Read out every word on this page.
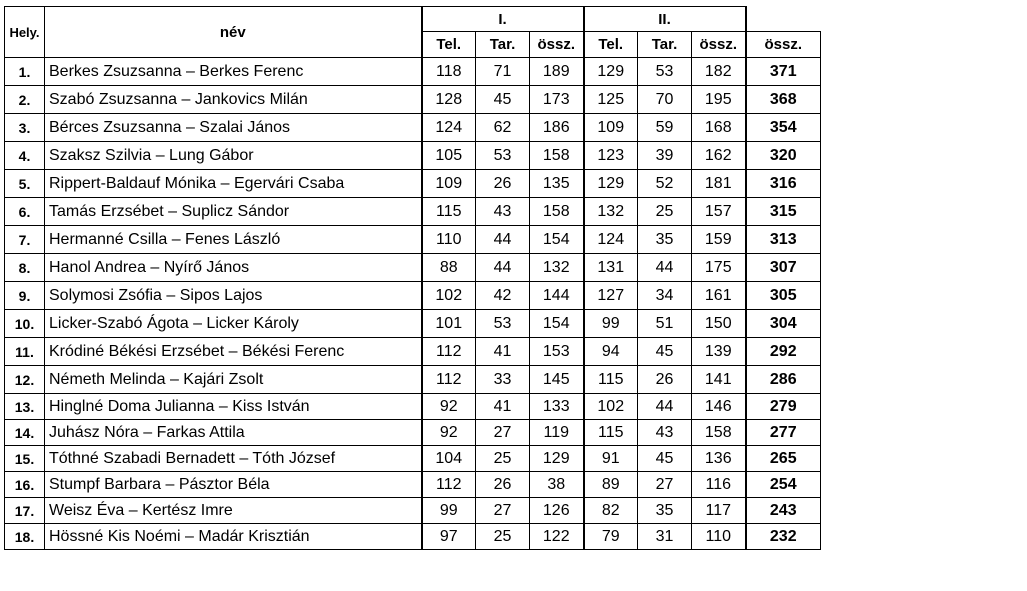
Hely.	név	I.			II.			
		Tel.	Tar.	össz.	Tel.	Tar.	össz.	össz.
1.	Berkes Zsuzsanna – Berkes Ferenc	118	71	189	129	53	182	371
2.	Szabó Zsuzsanna – Jankovics Milán	128	45	173	125	70	195	368
3.	Bérces Zsuzsanna – Szalai János	124	62	186	109	59	168	354
4.	Szaksz Szilvia – Lung Gábor	105	53	158	123	39	162	320
5.	Rippert-Baldauf Mónika – Egervári Csaba	109	26	135	129	52	181	316
6.	Tamás Erzsébet – Suplicz Sándor	115	43	158	132	25	157	315
7.	Hermanné Csilla – Fenes László	110	44	154	124	35	159	313
8.	Hanol Andrea – Nyírő János	88	44	132	131	44	175	307
9.	Solymosi Zsófia – Sipos Lajos	102	42	144	127	34	161	305
10.	Licker-Szabó Ágota – Licker Károly	101	53	154	99	51	150	304
11.	Kródiné Békési Erzsébet – Békési Ferenc	112	41	153	94	45	139	292
12.	Németh Melinda – Kajári Zsolt	112	33	145	115	26	141	286
13.	Hinglné Doma Julianna – Kiss István	92	41	133	102	44	146	279
14.	Juhász Nóra – Farkas Attila	92	27	119	115	43	158	277
15.	Tóthné Szabadi Bernadett – Tóth József	104	25	129	91	45	136	265
16.	Stumpf Barbara – Pásztor Béla	112	26	38	89	27	116	254
17.	Weisz Éva – Kertész Imre	99	27	126	82	35	117	243
18.	Hössné Kis Noémi – Madár Krisztián	97	25	122	79	31	110	232
